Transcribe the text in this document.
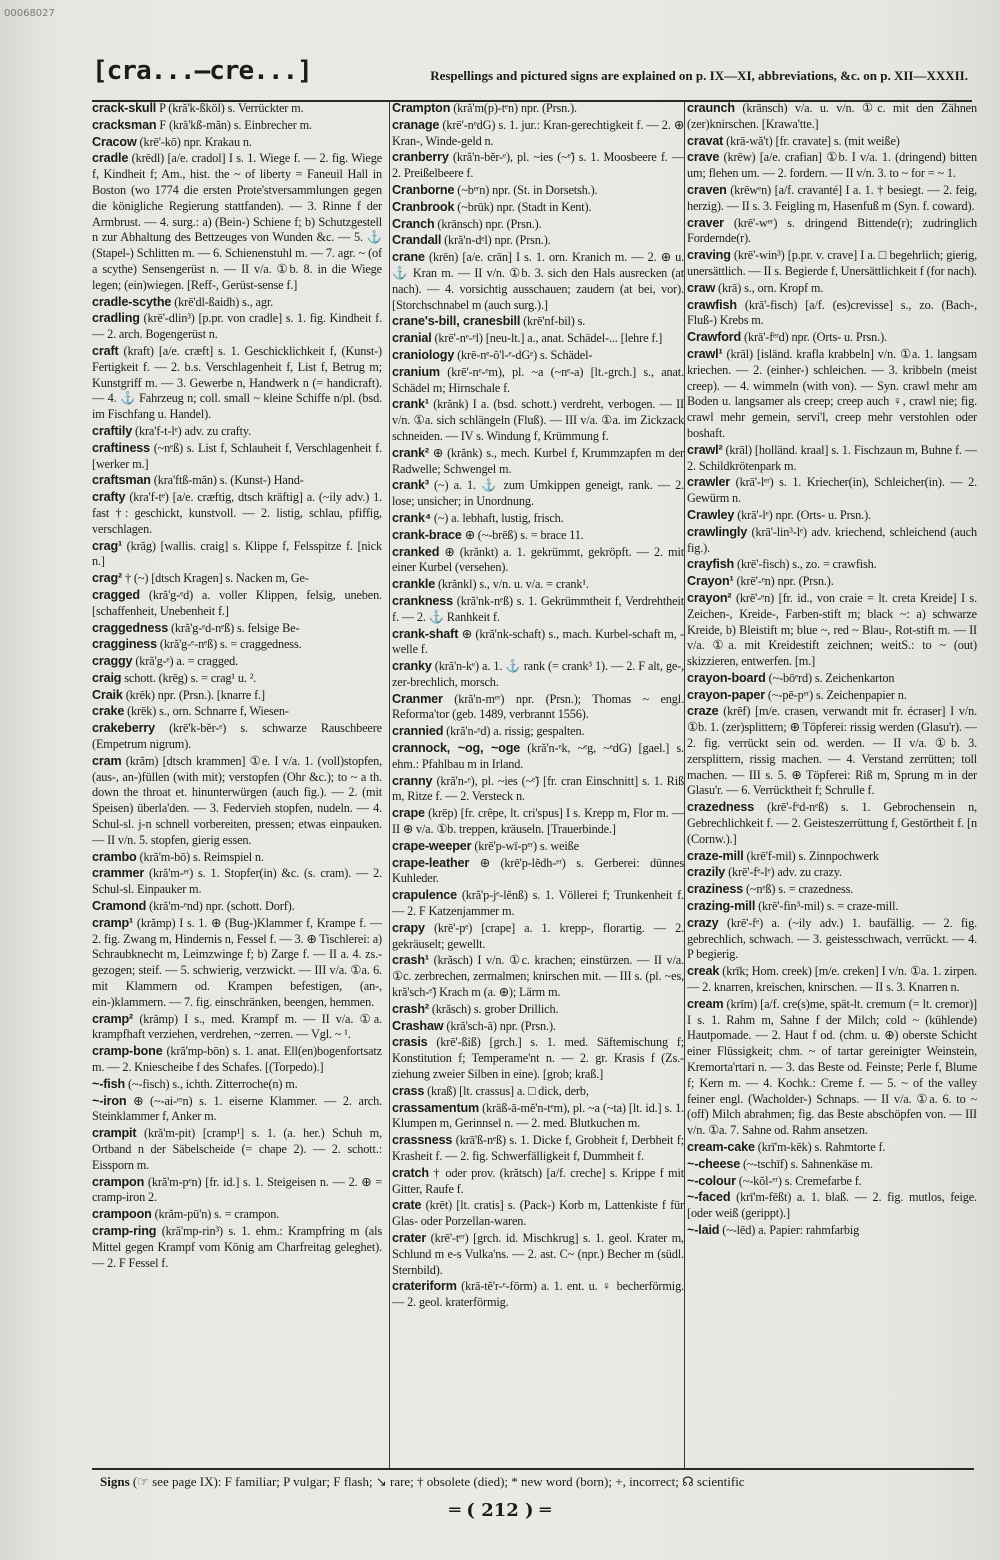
00068027
[cra...—cre...]	Respellings and pictured signs are explained on p. IX—XI, abbreviations, &c. on p. XII—XXXII.

crack-skull P (kră'k-ßköl) s. Verrückter m.

cracksman F (kră'kß-măn) s. Einbrecher m.

Cracow (krē'-kō) npr. Krakau n.

cradle (krēdl) [a/e. cradol] I s. 1. Wiege f. — 2. fig. Wiege f, Kindheit f; Am., hist. the ~ of liberty = Faneuil Hall in Boston (wo 1774 die ersten Prote'stversammlungen gegen die königliche Regierung stattfanden). — 3. Rinne f der Armbrust. — 4. surg.: a) (Bein-) Schiene f; b) Schutzgestell n zur Abhaltung des Bettzeuges von Wunden &c. — 5. ⚓ (Stapel-) Schlitten m. — 6. Schienenstuhl m. — 7. agr. ~ (of a scythe) Sensengerüst n. — II v/a. ①b. 8. in die Wiege legen; (ein)wiegen. [Reff-, Gerüst-sense f.]

cradle-scythe (krē'dl-ßaidh) s., agr.

cradling (krē'-dlin³) [p.pr. von cradle] s. 1. fig. Kindheit f. — 2. arch. Bogengerüst n.

craft (kraft) [a/e. cræft] s. 1. Geschicklichkeit f, (Kunst-) Fertigkeit f. — 2. b.s. Verschlagenheit f, List f, Betrug m; Kunstgriff m. — 3. Gewerbe n, Handwerk n (= handicraft). — 4. ⚓ Fahrzeug n; coll. small ~ kleine Schiffe n/pl. (bsd. im Fischfang u. Handel).

craftily (kra'f-t-lᵉ) adv. zu crafty.

craftiness (~nᵉß) s. List f, Schlauheit f, Verschlagenheit f. [werker m.]

craftsman (kra'ftß-măn) s. (Kunst-) Hand-

crafty (kra'f-tᵉ) [a/e. cræftig, dtsch kräftig] a. (~ily adv.) 1. fast †: geschickt, kunstvoll. — 2. listig, schlau, pfiffig, verschlagen.

crag¹ (krăg) [wallis. craig] s. Klippe f, Felsspitze f. [nick n.]

crag² † (~) [dtsch Kragen] s. Nacken m, Ge-

cragged (kră'g-ᵉd) a. voller Klippen, felsig, uneben. [schaffenheit, Unebenheit f.]

craggedness (kră'g-ᵉd-nᵉß) s. felsige Be-

cragginess (kră'g-ᵉ-nᵉß) s. = craggedness.

craggy (kră'g-ᵉ) a. = cragged.

craig schott. (krēg) s. = crag¹ u. ².

Craik (krēk) npr. (Prsn.). [knarre f.]

crake (krēk) s., orn. Schnarre f, Wiesen-

crakeberry (krē'k-bĕr-ᵉ) s. schwarze Rauschbeere (Empetrum nigrum).

cram (krăm) [dtsch krammen] ①e. I v/a. 1. (voll)stopfen, (aus-, an-)füllen (with mit); verstopfen (Ohr &c.); to ~ a th. down the throat et. hinunterwürgen (auch fig.). — 2. (mit Speisen) überla'den. — 3. Federvieh stopfen, nudeln. — 4. Schul-sl. j-n schnell vorbereiten, pressen; etwas einpauken. — II v/n. 5. stopfen, gierig essen.

crambo (kră'm-bō) s. Reimspiel n.

crammer (kră'm-ᵉʳ) s. 1. Stopfer(in) &c. (s. cram). — 2. Schul-sl. Einpauker m.

Cramond (kră'm-ᵉnd) npr. (schott. Dorf).

cramp¹ (krămp) I s. 1. ⊕ (Bug-)Klammer f, Krampe f. — 2. fig. Zwang m, Hindernis n, Fessel f. — 3. ⊕ Tischlerei: a) Schraubknecht m, Leimzwinge f; b) Zarge f. — II a. 4. zs.-gezogen; steif. — 5. schwierig, verzwickt. — III v/a. ①a. 6. mit Klammern od. Krampen befestigen, (an-, ein-)klammern. — 7. fig. einschränken, beengen, hemmen.

cramp² (krămp) I s., med. Krampf m. — II v/a. ①a. krampfhaft verziehen, verdrehen, ~zerren. — Vgl. ~ ¹.

cramp-bone (kră'mp-bōn) s. 1. anat. Ell(en)bogenfortsatz m. — 2. Kniescheibe f des Schafes. [(Torpedo).]

~-fish (~-fisch) s., ichth. Zitterroche(n) m.

~-iron ⊕ (~-ai-ᵉʳn) s. 1. eiserne Klammer. — 2. arch. Steinklammer f, Anker m.

crampit (kră'm-pit) [cramp¹] s. 1. (a. her.) Schuh m, Ortband n der Säbelscheide (= chape 2). — 2. schott.: Eissporn m.

crampon (kră'm-pᵉn) [fr. id.] s. 1. Steigeisen n. — 2. ⊕ = cramp-iron 2.

crampoon (krăm-pū'n) s. = crampon.

cramp-ring (kră'mp-rin³) s. 1. ehm.: Krampfring m (als Mittel gegen Krampf vom König am Charfreitag geleghet). — 2. F Fessel f.

Crampton (kră'm(p)-tᵉn) npr. (Prsn.).

cranage (krē'-nᵉdG) s. 1. jur.: Kran-gerechtigkeit f. — 2. ⊕ Kran-, Winde-geld n.

cranberry (kră'n-bĕr-ᵉ), pl. ~ies (~ᵉ̃) s. 1. Moosbeere f. — 2. Preißelbeere f.

Cranborne (~bᵉʳn) npr. (St. in Dorsetsh.).

Cranbrook (~brūk) npr. (Stadt in Kent).

Cranch (krānsch) npr. (Prsn.).

Crandall (kră'n-dᵉl) npr. (Prsn.).

crane (krēn) [a/e. crān] I s. 1. orn. Kranich m. — 2. ⊕ u. ⚓ Kran m. — II v/n. ①b. 3. sich den Hals ausrecken (at nach). — 4. vorsichtig ausschauen; zaudern (at bei, vor). [Storchschnabel m (auch surg.).]

crane's-bill, cranesbill (krē'nf-bil) s.

cranial (krē'-nᵉ-ᵉl) [neu-lt.] a., anat. Schädel-... [lehre f.]

craniology (krē-nᵉ-ŏ'l-ᵉ-dGᵉ) s. Schädel-

cranium (krē'-nᵉ-ᵉm), pl. ~a (~nᵉ-a) [lt.-grch.] s., anat. Schädel m; Hirnschale f.

crank¹ (krănk) I a. (bsd. schott.) verdreht, verbogen. — II v/n. ①a. sich schlängeln (Fluß). — III v/a. ①a. im Zickzack schneiden. — IV s. Windung f, Krümmung f.

crank² ⊕ (krănk) s., mech. Kurbel f, Krummzapfen m der Radwelle; Schwengel m.

crank³ (~) a. 1. ⚓ zum Umkippen geneigt, rank. — 2. lose; unsicher; in Unordnung.

crank⁴ (~) a. lebhaft, lustig, frisch.

crank-brace ⊕ (~-brēß) s. = brace 11.

cranked ⊕ (krănkt) a. 1. gekrümmt, gekröpft. — 2. mit einer Kurbel (versehen).

crankle (krănkl) s., v/n. u. v/a. = crank¹.

crankness (kră'nk-nᵉß) s. 1. Gekrümmtheit f, Verdrehtheit f. — 2. ⚓ Ranhkeit f.

crank-shaft ⊕ (kră'nk-schaft) s., mach. Kurbel-schaft m, -welle f.

cranky (kră'n-kᵉ) a. 1. ⚓ rank (= crank³ 1). — 2. F alt, ge-, zer-brechlich, morsch.

Cranmer (kră'n-mᵉʳ) npr. (Prsn.); Thomas ~ engl. Reforma'tor (geb. 1489, verbrannt 1556).

crannied (kră'n-ᵉd) a. rissig; gespalten.

crannock, ~og, ~oge (kră'n-ᵉk, ~ᵉg, ~ᵉdG) [gael.] s. ehm.: Pfahlbau m in Irland.

cranny (kră'n-ᵉ), pl. ~ies (~ᵉ̃) [fr. cran Einschnitt] s. 1. Riß m, Ritze f. — 2. Versteck n.

crape (krēp) [fr. crêpe, lt. cri'spus] I s. Krepp m, Flor m. — II ⊕ v/a. ①b. treppen, kräuseln. [Trauerbinde.]

crape-weeper (krē'p-wī-pᵉʳ) s. weiße

crape-leather ⊕ (krē'p-lĕdh-ᵉʳ) s. Gerberei: dünnes Kuhleder.

crapulence (kră'p-jᵉ-lĕnß) s. 1. Völlerei f; Trunkenheit f. — 2. F Katzenjammer m.

crapy (krē'-pᵉ) [crape] a. 1. krepp-, florartig. — 2. gekräuselt; gewellt.

crash¹ (krăsch) I v/n. ①c. krachen; einstürzen. — II v/a. ①c. zerbrechen, zermalmen; knirschen mit. — III s. (pl. ~es, kră'sch-ᵉ̃) Krach m (a. ⊕); Lärm m.

crash² (krăsch) s. grober Drillich.

Crashaw (kră'sch-ā) npr. (Prsn.).

crasis (krē'-ßiß) [grch.] s. 1. med. Säftemischung f; Konstitution f; Temperame'nt n. — 2. gr. Krasis f (Zs.-ziehung zweier Silben in eine). [grob; kraß.]

crass (kraß) [lt. crassus] a. □ dick, derb,

crassamentum (kräß-ā-mĕ'n-tᵉm), pl. ~a (~ta) [lt. id.] s. 1. Klumpen m, Gerinnsel n. — 2. med. Blutkuchen m.

crassness (krā'ß-nᵉß) s. 1. Dicke f, Grobheit f, Derbheit f; Krasheit f. — 2. fig. Schwerfälligkeit f, Dummheit f.

cratch † oder prov. (krătsch) [a/f. creche] s. Krippe f mit Gitter, Raufe f.

crate (krēt) [lt. cratis] s. (Pack-) Korb m, Lattenkiste f für Glas- oder Porzellan-waren.

crater (krē'-tᵉʳ) [grch. id. Mischkrug] s. 1. geol. Krater m, Schlund m e-s Vulka'ns. — 2. ast. C~ (npr.) Becher m (südl. Sternbild).

crateriform (krā-tĕ'r-ᵉ-fōrm) a. 1. ent. u. ♀ becherförmig. — 2. geol. kraterförmig.

craunch (krānsch) v/a. u. v/n. ①c. mit den Zähnen (zer)knirschen. [Krawa'tte.]

cravat (krā-wă't) [fr. cravate] s. (mit weiße)

crave (krēw) [a/e. crafian] ①b. I v/a. 1. (dringend) bitten um; flehen um. — 2. fordern. — II v/n. 3. to ~ for = ~ 1.

craven (krēwᵉn) [a/f. cravanté] I a. 1. † besiegt. — 2. feig, herzig). — II s. 3. Feigling m, Hasenfuß m (Syn. f. coward).

craver (krē'-wᵉʳ) s. dringend Bittende(r); zudringlich Fordernde(r).

craving (krē'-win³) [p.pr. v. crave] I a. □ begehrlich; gierig, unersättlich. — II s. Begierde f, Unersättlichkeit f (for nach).

craw (krā) s., orn. Kropf m.

crawfish (krā'-fisch) [a/f. (es)crevisse] s., zo. (Bach-, Fluß-) Krebs m.

Crawford (krā'-fᵉʳd) npr. (Orts- u. Prsn.).

crawl¹ (krāl) [isländ. krafla krabbeln] v/n. ①a. 1. langsam kriechen. — 2. (einher-) schleichen. — 3. kribbeln (meist creep). — 4. wimmeln (with von). — Syn. crawl mehr am Boden u. langsamer als creep; creep auch ♀, crawl nie; fig. crawl mehr gemein, servi'l, creep mehr verstohlen oder boshaft.

crawl² (krāl) [holländ. kraal] s. 1. Fischzaun m, Buhne f. — 2. Schildkrötenpark m.

crawler (krā'-lᵉʳ) s. 1. Kriecher(in), Schleicher(in). — 2. Gewürm n.

Crawley (krā'-lᵉ) npr. (Orts- u. Prsn.).

crawlingly (krā'-lin³-lᵉ) adv. kriechend, schleichend (auch fig.).

crayfish (krē'-fisch) s., zo. = crawfish.

Crayon¹ (krē'-ᵉn) npr. (Prsn.).

crayon² (krē'-ᵉn) [fr. id., von craie = lt. creta Kreide] I s. Zeichen-, Kreide-, Farben-stift m; black ~: a) schwarze Kreide, b) Bleistift m; blue ~, red ~ Blau-, Rot-stift m. — II v/a. ①a. mit Kreidestift zeichnen; weitS.: to ~ (out) skizzieren, entwerfen. [m.]

crayon-board (~-bōᵉrd) s. Zeichenkarton

crayon-paper (~-pē-pᵉʳ) s. Zeichenpapier n.

craze (krēf) [m/e. crasen, verwandt mit fr. écraser] I v/n. ①b. 1. (zer)splittern; ⊕ Töpferei: rissig werden (Glasu'r). — 2. fig. verrückt sein od. werden. — II v/a. ①b. 3. zersplittern, rissig machen. — 4. Verstand zerrütten; toll machen. — III s. 5. ⊕ Töpferei: Riß m, Sprung m in der Glasu'r. — 6. Verrücktheit f; Schrulle f.

crazedness (krē'-fᵉd-nᵉß) s. 1. Gebrochensein n, Gebrechlichkeit f. — 2. Geisteszerrüttung f, Gestörtheit f. [n (Cornw.).]

craze-mill (krē'f-mil) s. Zinnpochwerk

crazily (krē'-fᵉ-lᵉ) adv. zu crazy.

craziness (~nᵉß) s. = crazedness.

crazing-mill (krē'-fin³-mil) s. = craze-mill.

crazy (krē'-fᵉ) a. (~ily adv.) 1. baufällig. — 2. fig. gebrechlich, schwach. — 3. geistesschwach, verrückt. — 4. P begierig.

creak (krīk; Hom. creek) [m/e. creken] I v/n. ①a. 1. zirpen. — 2. knarren, kreischen, knirschen. — II s. 3. Knarren n.

cream (krīm) [a/f. cre(s)me, spät-lt. cremum (= lt. cremor)] I s. 1. Rahm m, Sahne f der Milch; cold ~ (kühlende) Hautpomade. — 2. Haut f od. (chm. u. ⊕) oberste Schicht einer Flüssigkeit; chm. ~ of tartar gereinigter Weinstein, Kremorta'rtari n. — 3. das Beste od. Feinste; Perle f, Blume f; Kern m. — 4. Kochk.: Creme f. — 5. ~ of the valley feiner engl. (Wacholder-) Schnaps. — II v/a. ①a. 6. to ~ (off) Milch abrahmen; fig. das Beste abschöpfen von. — III v/n. ①a. 7. Sahne od. Rahm ansetzen.

cream-cake (krī'm-kēk) s. Rahmtorte f.

~-cheese (~-tschīf) s. Sahnenkäse m.

~-colour (~-kŏl-ᵉʳ) s. Cremefarbe f.

~-faced (krī'm-fēßt) a. 1. blaß. — 2. fig. mutlos, feige. [oder weiß (gerippt).]

~-laid (~-lēd) a. Papier: rahmfarbig

Signs (☞ see page IX): F familiar; P vulgar; F flash; ↘ rare; † obsolete (died); * new word (born); +, incorrect; ☊ scientific
═ ( 212 ) ═
